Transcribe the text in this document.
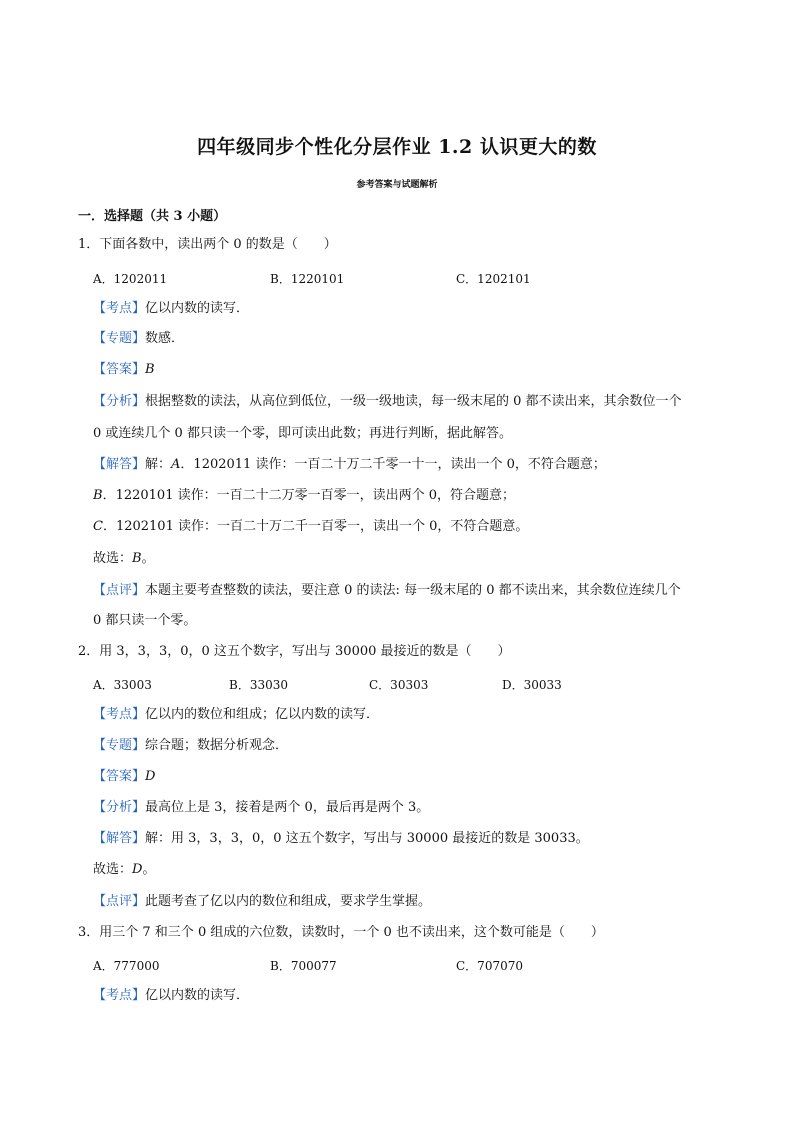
四年级同步个性化分层作业 1.2 认识更大的数
参考答案与试题解析
一．选择题（共 3 小题）
1．下面各数中，读出两个 0 的数是（　　）
A．1202011	B．1220101	C．1202101
【考点】亿以内数的读写．
【专题】数感．
【答案】B
【分析】根据整数的读法，从高位到低位，一级一级地读，每一级末尾的 0 都不读出来，其余数位一个
0 或连续几个 0 都只读一个零，即可读出此数；再进行判断，据此解答。
【解答】解：A．1202011 读作：一百二十万二千零一十一，读出一个 0，不符合题意；
B．1220101 读作：一百二十二万零一百零一，读出两个 0，符合题意；
C．1202101 读作：一百二十万二千一百零一，读出一个 0，不符合题意。
故选：B。
【点评】本题主要考查整数的读法，要注意 0 的读法: 每一级末尾的 0 都不读出来，其余数位连续几个
0 都只读一个零。
2．用 3，3，3，0，0 这五个数字，写出与 30000 最接近的数是（　　）
A．33003	B．33030	C．30303	D．30033
【考点】亿以内的数位和组成；亿以内数的读写．
【专题】综合题；数据分析观念．
【答案】D
【分析】最高位上是 3，接着是两个 0，最后再是两个 3。
【解答】解：用 3，3，3，0，0 这五个数字，写出与 30000 最接近的数是 30033。
故选：D。
【点评】此题考查了亿以内的数位和组成，要求学生掌握。
3．用三个 7 和三个 0 组成的六位数，读数时，一个 0 也不读出来，这个数可能是（　　）
A．777000	B．700077	C．707070
【考点】亿以内数的读写．
